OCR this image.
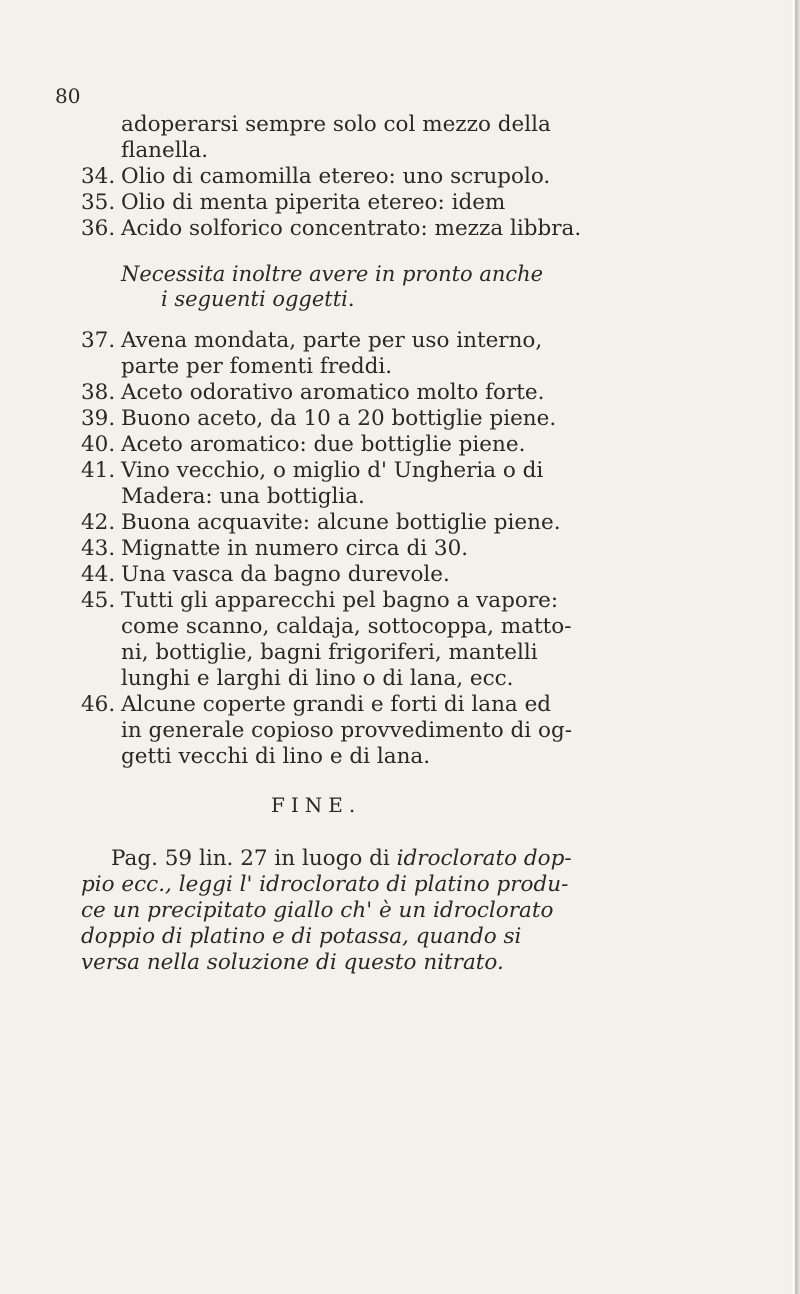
80
adoperarsi sempre solo col mezzo della
flanella.
34. Olio di camomilla etereo: uno scrupolo.
35. Olio di menta piperita etereo: idem
36. Acido solforico concentrato: mezza libbra.
Necessita inoltre avere in pronto anche
i seguenti oggetti.
37. Avena mondata, parte per uso interno,
parte per fomenti freddi.
38. Aceto odorativo aromatico molto forte.
39. Buono aceto, da 10 a 20 bottiglie piene.
40. Aceto aromatico: due bottiglie piene.
41. Vino vecchio, o miglio d' Ungheria o di
Madera: una bottiglia.
42. Buona acquavite: alcune bottiglie piene.
43. Mignatte in numero circa di 30.
44. Una vasca da bagno durevole.
45. Tutti gli apparecchi pel bagno a vapore:
come scanno, caldaja, sottocoppa, matto-
ni, bottiglie, bagni frigoriferi, mantelli
lunghi e larghi di lino o di lana, ecc.
46. Alcune coperte grandi e forti di lana ed
in generale copioso provvedimento di og-
getti vecchi di lino e di lana.
FINE.
Pag. 59 lin. 27 in luogo di idroclorato dop-
pio ecc., leggi l' idroclorato di platino produ-
ce un precipitato giallo ch' è un idroclorato
doppio di platino e di potassa, quando si
versa nella soluzione di questo nitrato.
